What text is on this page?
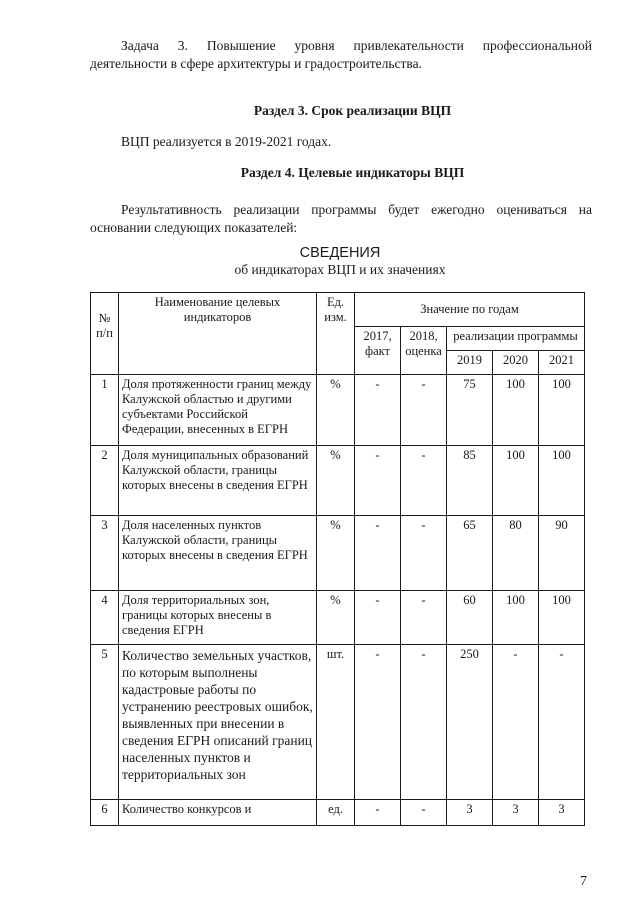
Задача 3. Повышение уровня привлекательности профессиональной
деятельности в сфере архитектуры и градостроительства.
Раздел 3. Срок реализации ВЦП
ВЦП реализуется в 2019-2021 годах.
Раздел 4. Целевые индикаторы ВЦП
Результативность реализации программы будет ежегодно оцениваться на
основании следующих показателей:
СВЕДЕНИЯ
об индикаторах ВЦП и их значениях
№ п/п	Наименование целевых индикаторов	Ед. изм.	Значение по годам				
			2017, факт	2018, оценка	реализации программы		
					2019	2020	2021
1	Доля протяженности границ между Калужской областью и другими субъектами Российской Федерации, внесенных в ЕГРН	%	-	-	75	100	100
2	Доля муниципальных образований Калужской области, границы которых внесены в сведения ЕГРН	%	-	-	85	100	100
3	Доля населенных пунктов Калужской области, границы которых внесены в сведения ЕГРН	%	-	-	65	80	90
4	Доля территориальных зон, границы которых внесены в сведения ЕГРН	%	-	-	60	100	100
5	Количество земельных участков, по которым выполнены кадастровые работы по устранению реестровых ошибок, выявленных при внесении в сведения ЕГРН описаний границ населенных пунктов и территориальных зон	шт.	-	-	250	-	-
6	Количество конкурсов и	ед.	-	-	3	3	3
7
